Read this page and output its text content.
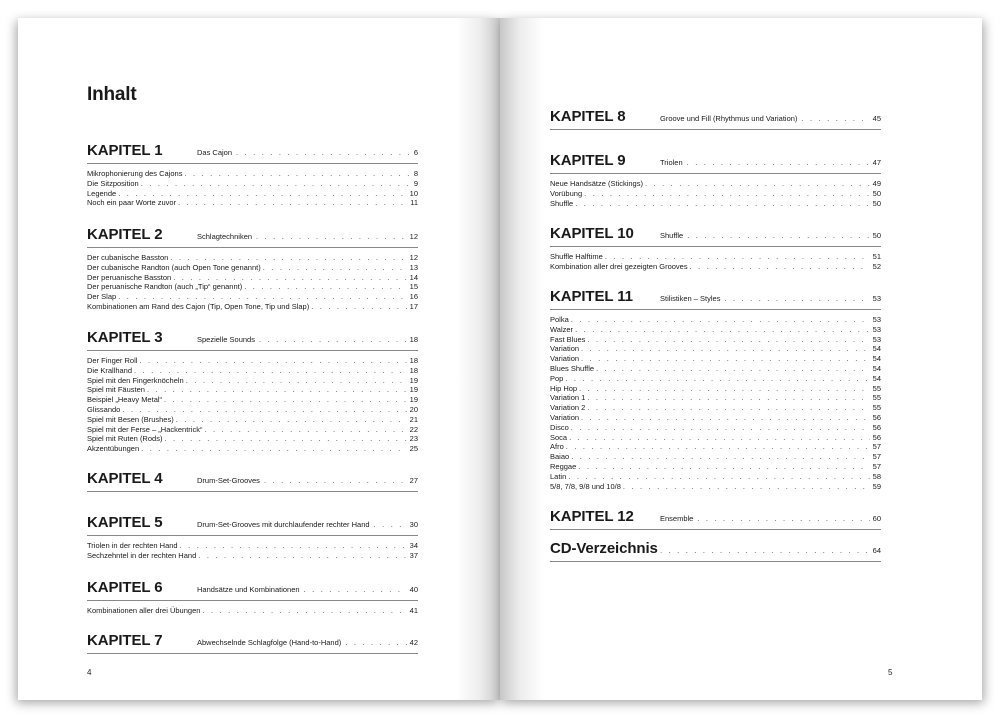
Inhalt
KAPITEL 1	Das Cajon . . .	6
Mikrophonierung des Cajons . . .	8
Die Sitzposition . . .	9
Legende . . .	10
Noch ein paar Worte zuvor . . .	11
KAPITEL 2	Schlagtechniken . . .	12
Der cubanische Basston . . .	12
Der cubanische Randton (auch Open Tone genannt) . . .	13
Der peruanische Basston . . .	14
Der peruanische Randton (auch „Tip“ genannt) . . .	15
Der Slap . . .	16
Kombinationen am Rand des Cajon (Tip, Open Tone, Tip und Slap) . . .	17
KAPITEL 3	Spezielle Sounds . . .	18
Der Finger Roll . . .	18
Die Krallhand . . .	18
Spiel mit den Fingerknöcheln . . .	19
Spiel mit Fäusten . . .	19
Beispiel „Heavy Metal“ . . .	19
Glissando . . .	20
Spiel mit Besen (Brushes) . . .	21
Spiel mit der Ferse – „Hackentrick“ . . .	22
Spiel mit Ruten (Rods) . . .	23
Akzentübungen . . .	25
KAPITEL 4	Drum-Set-Grooves . . .	27
KAPITEL 5	Drum-Set-Grooves mit durchlaufender rechter Hand . . .	30
Triolen in der rechten Hand . . .	34
Sechzehntel in der rechten Hand . . .	37
KAPITEL 6	Handsätze und Kombinationen . . .	40
Kombinationen aller drei Übungen . . .	41
KAPITEL 7	Abwechselnde Schlagfolge (Hand-to-Hand) . . .	42
4
KAPITEL 8	Groove und Fill (Rhythmus und Variation) . . .	45
KAPITEL 9	Triolen . . .	47
Neue Handsätze (Stickings) . . .	49
Vorübung . . .	50
Shuffle . . .	50
KAPITEL 10	Shuffle . . .	50
Shuffle Halftime . . .	51
Kombination aller drei gezeigten Grooves . . .	52
KAPITEL 11	Stilistiken – Styles . . .	53
Polka . . .	53
Walzer . . .	53
Fast Blues . . .	53
Variation . . .	54
Variation . . .	54
Blues Shuffle . . .	54
Pop . . .	54
Hip Hop . . .	55
Variation 1 . . .	55
Variation 2 . . .	55
Variation . . .	56
Disco . . .	56
Soca . . .	56
Afro . . .	57
Baiao . . .	57
Reggae . . .	57
Latin . . .	58
5/8, 7/8, 9/8 und 10/8 . . .	59
KAPITEL 12	Ensemble . . .	60
CD-Verzeichnis . . .	64
5
